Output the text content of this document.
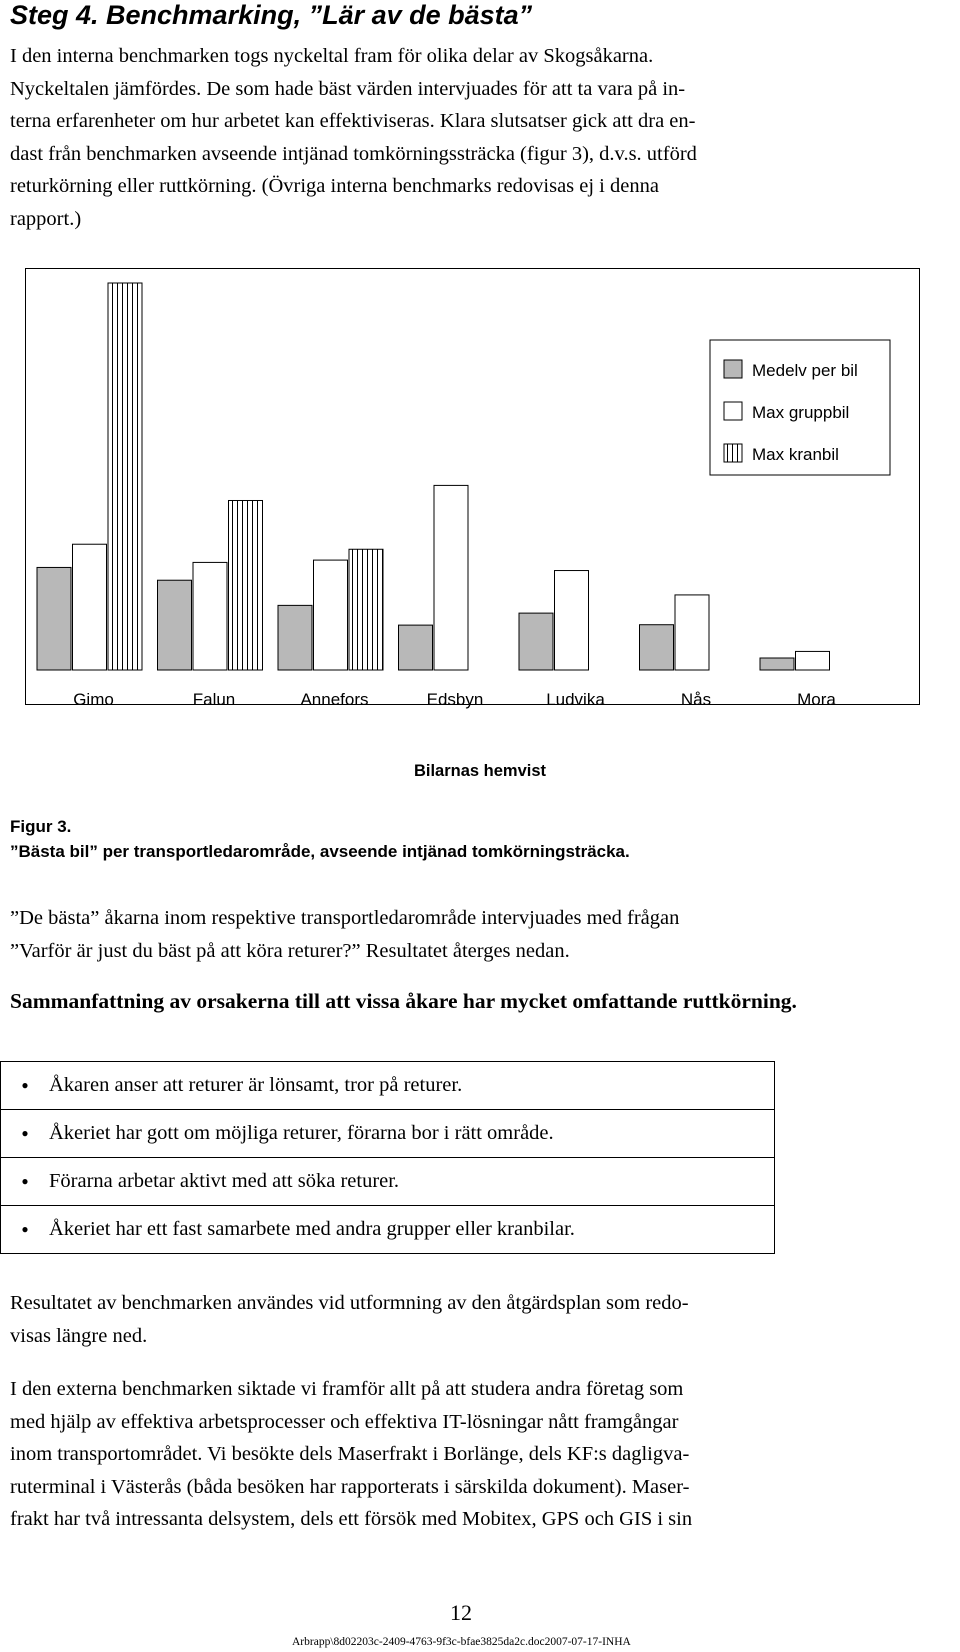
Steg 4. Benchmarking, ”Lär av de bästa”

I den interna benchmarken togs nyckeltal fram för olika delar av Skogsåkarna.
Nyckeltalen jämfördes. De som hade bäst värden intervjuades för att ta vara på in-
terna erfarenheter om hur arbetet kan effektiviseras. Klara slutsatser gick att dra en-
dast från benchmarken avseende intjänad tomkörningssträcka (figur 3), d.v.s. utförd
returkörning eller ruttkörning. (Övriga interna benchmarks redovisas ej i denna
rapport.)

Gimo	Falun	Annefors	Edsbyn	Ludvika	Nås	Mora
Bilarnas hemvist
Medelv per bil
Max gruppbil
Max kranbil
Figur 3.
”Bästa bil” per transportledarområde, avseende intjänad tomkörningsträcka.

”De bästa” åkarna inom respektive transportledarområde intervjuades med frågan
”Varför är just du bäst på att köra returer?” Resultatet återges nedan.

Sammanfattning av orsakerna till att vissa åkare har mycket omfattande ruttkörning.
● Åkaren anser att returer är lönsamt, tror på returer.
● Åkeriet har gott om möjliga returer, förarna bor i rätt område.
● Förarna arbetar aktivt med att söka returer.
● Åkeriet har ett fast samarbete med andra grupper eller kranbilar.

Resultatet av benchmarken användes vid utformning av den åtgärdsplan som redo-
visas längre ned.

I den externa benchmarken siktade vi framför allt på att studera andra företag som
med hjälp av effektiva arbetsprocesser och effektiva IT-lösningar nått framgångar
inom transportområdet. Vi besökte dels Maserfrakt i Borlänge, dels KF:s dagligva-
ruterminal i Västerås (båda besöken har rapporterats i särskilda dokument). Maser-
frakt har två intressanta delsystem, dels ett försök med Mobitex, GPS och GIS i sin

12
Arbrapp\8d02203c-2409-4763-9f3c-bfae3825da2c.doc2007-07-17-INHA
